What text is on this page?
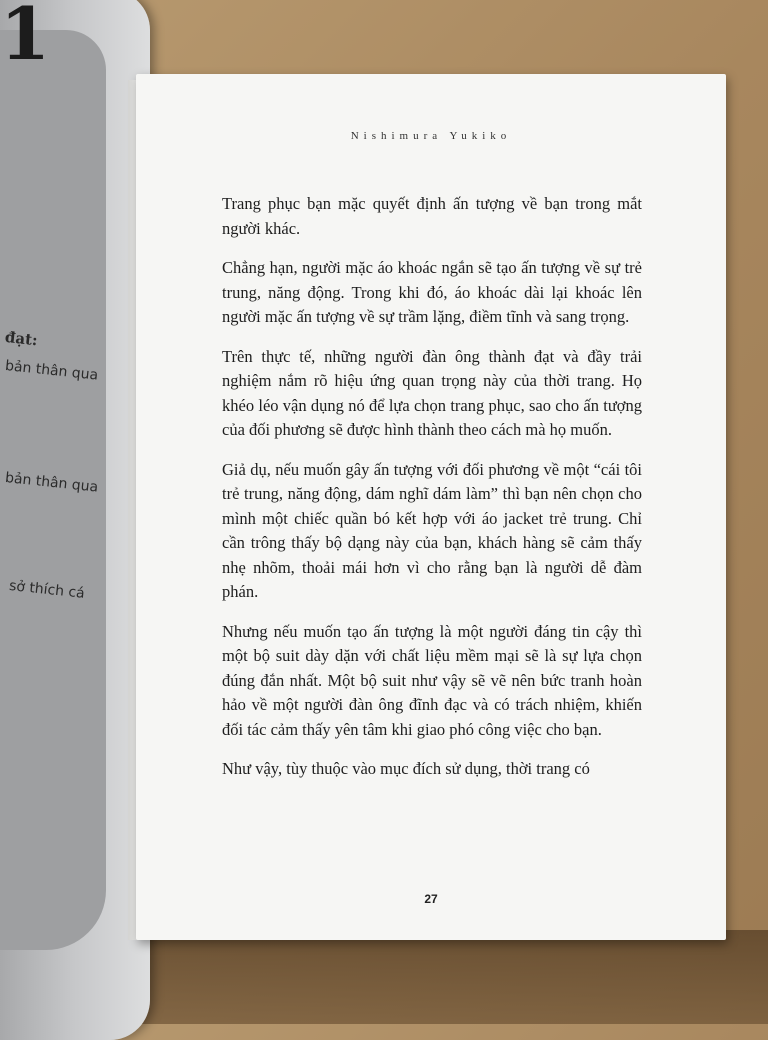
1
đạt:
bản thân qua
bản thân qua
sở thích cá
Nishimura Yukiko

Trang phục bạn mặc quyết định ấn tượng về bạn trong mắt người khác.

Chẳng hạn, người mặc áo khoác ngắn sẽ tạo ấn tượng về sự trẻ trung, năng động. Trong khi đó, áo khoác dài lại khoác lên người mặc ấn tượng về sự trầm lặng, điềm tĩnh và sang trọng.

Trên thực tế, những người đàn ông thành đạt và đầy trải nghiệm nắm rõ hiệu ứng quan trọng này của thời trang. Họ khéo léo vận dụng nó để lựa chọn trang phục, sao cho ấn tượng của đối phương sẽ được hình thành theo cách mà họ muốn.

Giả dụ, nếu muốn gây ấn tượng với đối phương về một “cái tôi trẻ trung, năng động, dám nghĩ dám làm” thì bạn nên chọn cho mình một chiếc quần bó kết hợp với áo jacket trẻ trung. Chỉ cần trông thấy bộ dạng này của bạn, khách hàng sẽ cảm thấy nhẹ nhõm, thoải mái hơn vì cho rằng bạn là người dễ đàm phán.

Nhưng nếu muốn tạo ấn tượng là một người đáng tin cậy thì một bộ suit dày dặn với chất liệu mềm mại sẽ là sự lựa chọn đúng đắn nhất. Một bộ suit như vậy sẽ vẽ nên bức tranh hoàn hảo về một người đàn ông đĩnh đạc và có trách nhiệm, khiến đối tác cảm thấy yên tâm khi giao phó công việc cho bạn.

Như vậy, tùy thuộc vào mục đích sử dụng, thời trang có

27
